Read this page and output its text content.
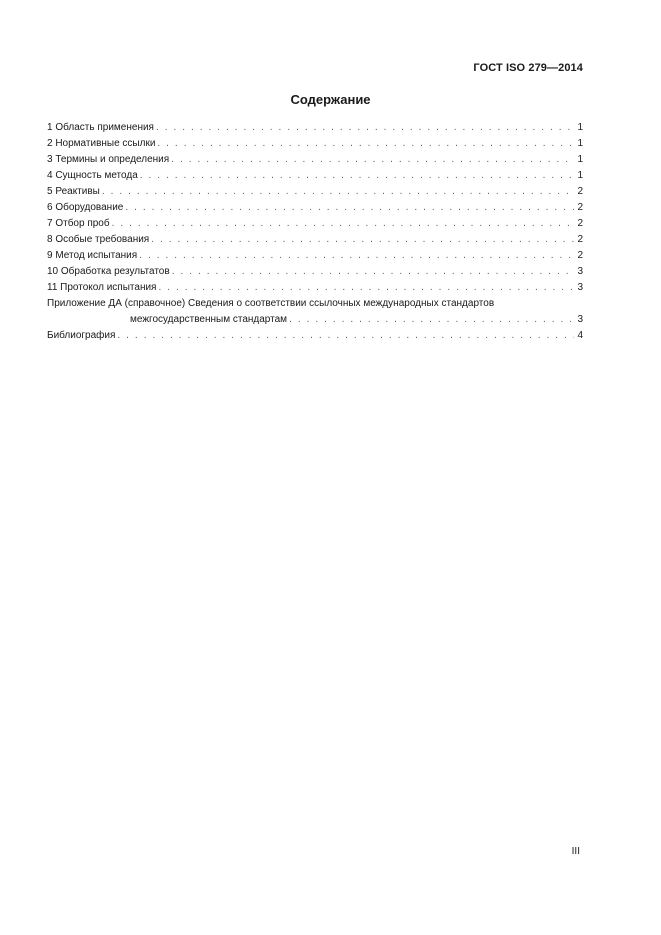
ГОСТ ISO 279—2014
Содержание
1 Область применения . . .	1
2 Нормативные ссылки . . .	1
3 Термины и определения . . .	1
4 Сущность метода . . .	1
5 Реактивы . . .	2
6 Оборудование . . .	2
7 Отбор проб . . .	2
8 Особые требования . . .	2
9 Метод испытания . . .	2
10 Обработка результатов . . .	3
11 Протокол испытания . . .	3
Приложение ДА (справочное) Сведения о соответствии ссылочных международных стандартов
межгосударственным стандартам . . .	3
Библиография . . .	4
III
